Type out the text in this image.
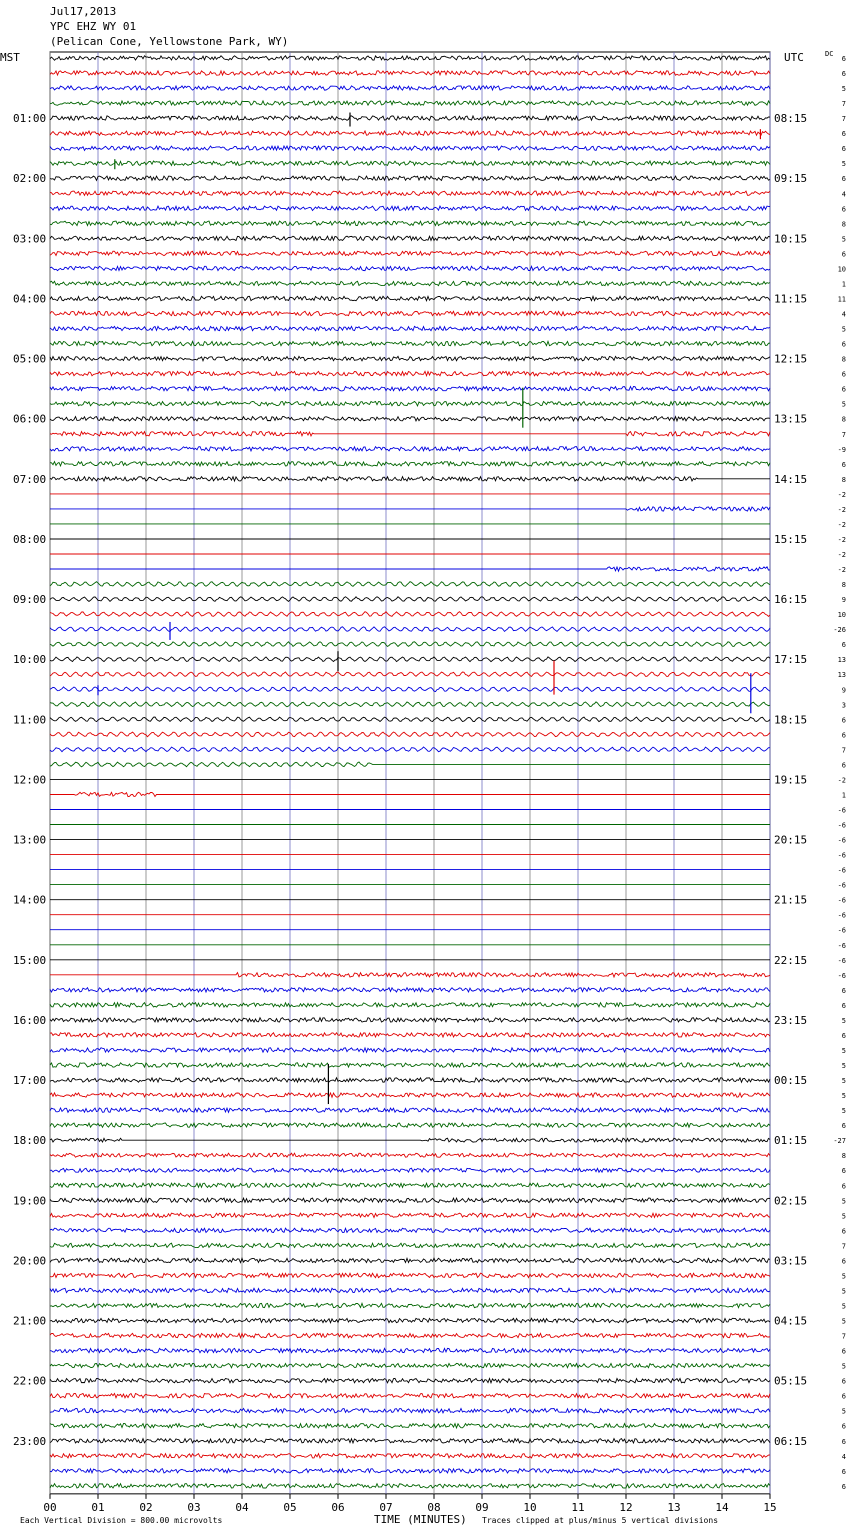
Jul17,2013
YPC EHZ WY 01
(Pelican Cone, Yellowstone Park, WY)
MST	UTC	DC
01:00
02:00
03:00
04:00
05:00
06:00
07:00
08:00
09:00
10:00
11:00
12:00
13:00
14:00
15:00
16:00
17:00
18:00
19:00
20:00
21:00
22:00
23:00
08:15
09:15
10:15
11:15
12:15
13:15
14:15
15:15
16:15
17:15
18:15
19:15
20:15
21:15
22:15
23:15
00:15
01:15
02:15
03:15
04:15
05:15
06:15
6
6
5
7
7
6
6
5
6
4
6
8
5
6
10
1
11
4
5
6
8
6
6
5
8
7
-9
6
8
-2
-2
-2
-2
-2
-2
8
9
10
-26
6
13
13
9
3
6
6
7
6
-2
1
-6
-6
-6
-6
-6
-6
-6
-6
-6
-6
-6
-6
6
6
5
6
5
5
5
5
5
6
-27
8
6
6
5
5
6
7
6
5
5
5
5
7
6
5
6
6
5
6
6
4
6
6
00	01	02	03	04	05	06	07	08	09	10	11	12	13	14	15
Each Vertical Division = 800.00 microvolts	TIME (MINUTES) Traces clipped at plus/minus 5 vertical divisions
